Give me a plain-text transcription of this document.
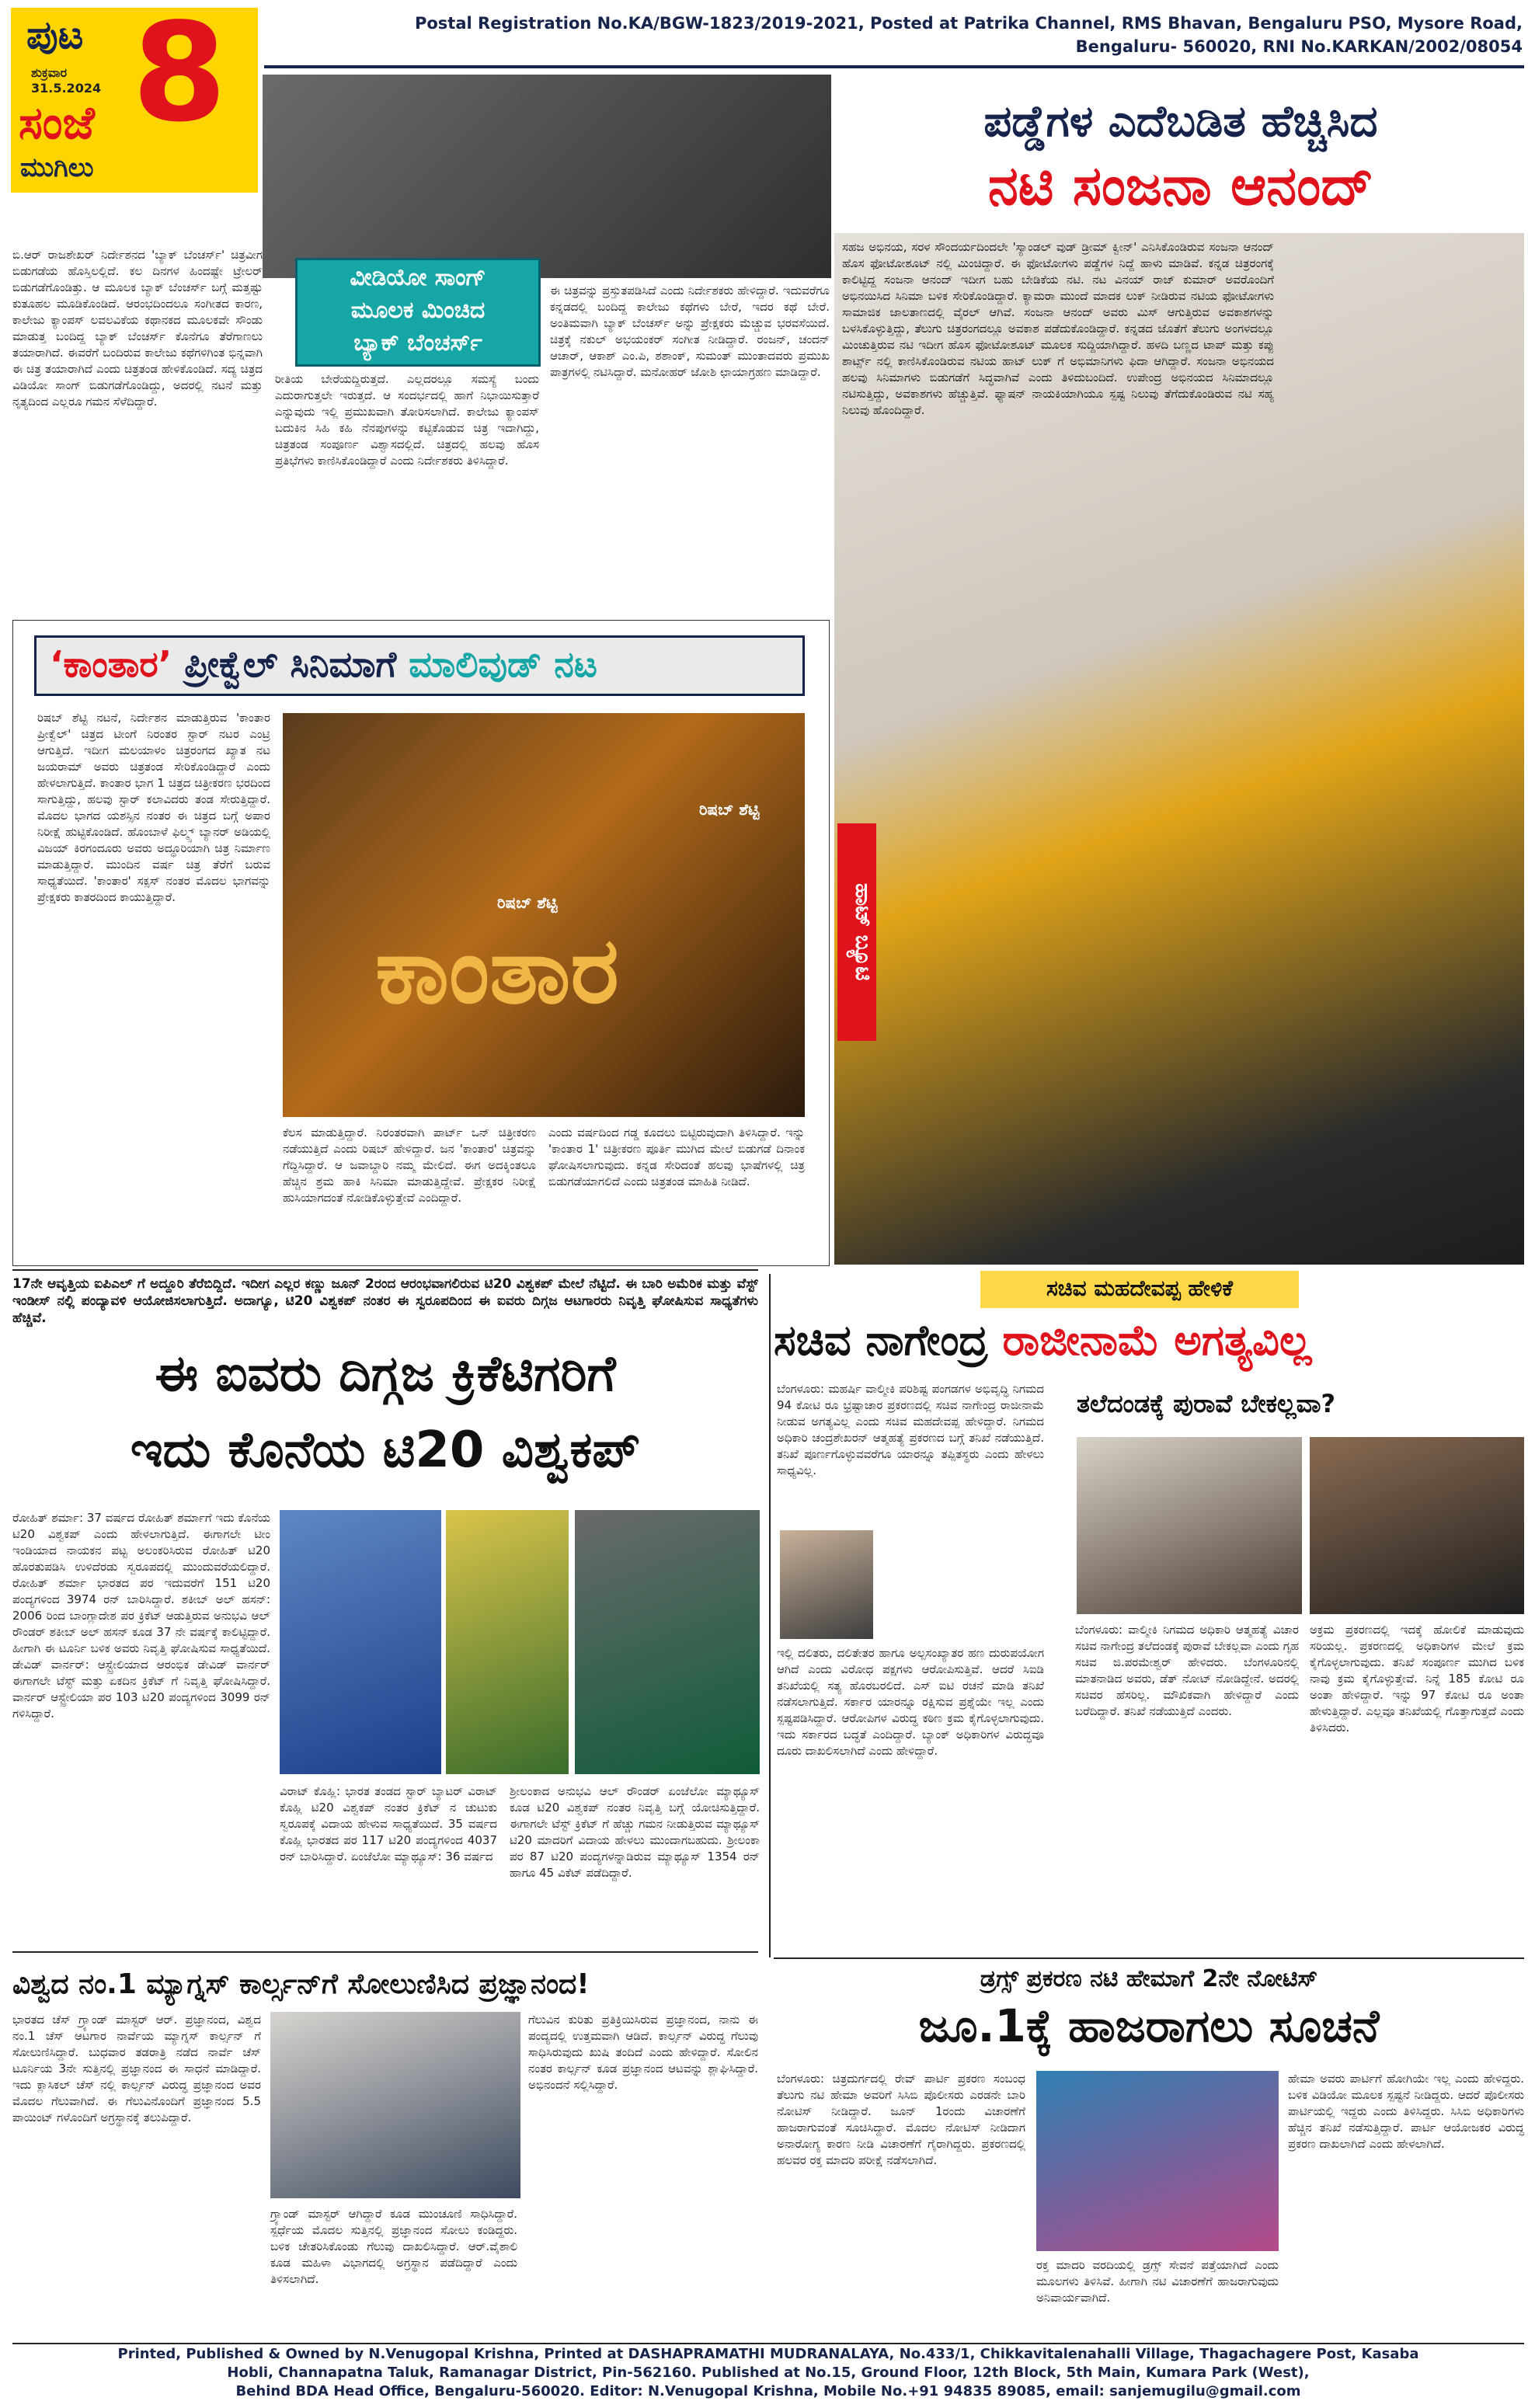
ಪುಟ
ಶುಕ್ರವಾರ
31.5.2024 8
ಸಂಜೆ
ಮುಗಿಲು
Postal Registration No.KA/BGW-1823/2019-2021, Posted at Patrika Channel, RMS Bhavan, Bengaluru PSO, Mysore Road,
Bengaluru- 560020, RNI No.KARKAN/2002/08054
ವೀಡಿಯೋ ಸಾಂಗ್
ಮೂಲಕ ಮಿಂಚಿದ
ಬ್ಯಾಕ್ ಬೆಂಚರ್ಸ್
ಬಿ.ಆರ್ ರಾಜಶೇಖರ್ ನಿರ್ದೇಶನದ 'ಬ್ಯಾಕ್ ಬೆಂಚರ್ಸ್' ಚಿತ್ರವೀಗ ಬಿಡುಗಡೆಯ ಹೊಸ್ತಿಲಲ್ಲಿದೆ. ಕಲ ದಿನಗಳ ಹಿಂದಷ್ಟೇ ಟ್ರೇಲರ್ ಬಿಡುಗಡೆಗೊಂಡಿತ್ತು. ಆ ಮೂಲಕ ಬ್ಯಾಕ್ ಬೆಂಚರ್ಸ್ ಬಗ್ಗೆ ಮತ್ತಷ್ಟು ಕುತೂಹಲ ಮೂಡಿಕೊಂಡಿದೆ. ಆರಂಭದಿಂದಲೂ ಸಂಗೀತದ ಕಾರಣ, ಕಾಲೇಜು ಕ್ಯಾಂಪಸ್ ಲವಲವಿಕೆಯ ಕಥಾನಕದ ಮೂಲಕವೇ ಸೌಂಡು ಮಾಡುತ್ತ ಬಂದಿದ್ದ ಬ್ಯಾಕ್ ಬೆಂಚರ್ಸ್ ಕೊನೆಗೂ ತೆರೆಗಾಣಲು ತಯಾರಾಗಿದೆ. ಈವರೆಗೆ ಬಂದಿರುವ ಕಾಲೇಜು ಕಥೆಗಳಿಗಿಂತ ಭಿನ್ನವಾಗಿ ಈ ಚಿತ್ರ ತಯಾರಾಗಿದೆ ಎಂದು ಚಿತ್ರತಂಡ ಹೇಳಿಕೊಂಡಿದೆ. ಸದ್ಯ ಚಿತ್ರದ ವಿಡಿಯೋ ಸಾಂಗ್ ಬಿಡುಗಡೆಗೊಂಡಿದ್ದು, ಅದರಲ್ಲಿ ನಟನೆ ಮತ್ತು ನೃತ್ಯದಿಂದ ಎಲ್ಲರೂ ಗಮನ ಸೆಳೆದಿದ್ದಾರೆ.
ರೀತಿಯ ಬೇರೆಯದ್ದಿರುತ್ತದೆ. ಎಲ್ಲದರಲ್ಲೂ ಸಮಸ್ಯೆ ಬಂದು ಎದುರಾಗುತ್ತಲೇ ಇರುತ್ತದೆ. ಆ ಸಂದರ್ಭದಲ್ಲಿ ಹಾಗೆ ನಿಭಾಯಿಸುತ್ತಾರೆ ಎನ್ನುವುದು ಇಲ್ಲಿ ಪ್ರಮುಖವಾಗಿ ತೋರಿಸಲಾಗಿದೆ. ಕಾಲೇಜು ಕ್ಯಾಂಪಸ್ ಬದುಕಿನ ಸಿಹಿ ಕಹಿ ನೆನಪುಗಳನ್ನು ಕಟ್ಟಿಕೊಡುವ ಚಿತ್ರ ಇದಾಗಿದ್ದು, ಚಿತ್ರತಂಡ ಸಂಪೂರ್ಣ ವಿಶ್ವಾಸದಲ್ಲಿದೆ. ಚಿತ್ರದಲ್ಲಿ ಹಲವು ಹೊಸ ಪ್ರತಿಭೆಗಳು ಕಾಣಿಸಿಕೊಂಡಿದ್ದಾರೆ ಎಂದು ನಿರ್ದೇಶಕರು ತಿಳಿಸಿದ್ದಾರೆ.
ಈ ಚಿತ್ರವನ್ನು ಪ್ರಸ್ತುತಪಡಿಸಿದೆ ಎಂದು ನಿರ್ದೇಶಕರು ಹೇಳಿದ್ದಾರೆ. ಇದುವರೆಗೂ ಕನ್ನಡದಲ್ಲಿ ಬಂದಿದ್ದ ಕಾಲೇಜು ಕಥೆಗಳು ಬೇರೆ, ಇದರ ಕಥೆ ಬೇರೆ. ಅಂತಿಮವಾಗಿ ಬ್ಯಾಕ್ ಬೆಂಚರ್ಸ್ ಅನ್ನು ಪ್ರೇಕ್ಷಕರು ಮೆಚ್ಚುವ ಭರವಸೆಯಿದೆ. ಚಿತ್ರಕ್ಕೆ ನಕುಲ್ ಅಭಯಂಕರ್ ಸಂಗೀತ ನೀಡಿದ್ದಾರೆ. ರಂಜನ್, ಚಂದನ್ ಆಚಾರ್, ಆಕಾಶ್ ಎಂ.ಪಿ, ಶಶಾಂಕ್, ಸುಮಂತ್ ಮುಂತಾದವರು ಪ್ರಮುಖ ಪಾತ್ರಗಳಲ್ಲಿ ನಟಿಸಿದ್ದಾರೆ. ಮನೋಹರ್ ಜೋಶಿ ಛಾಯಾಗ್ರಹಣ ಮಾಡಿದ್ದಾರೆ.
ಪಡ್ಡೆಗಳ ಎದೆಬಡಿತ ಹೆಚ್ಚಿಸಿದ
ನಟಿ ಸಂಜನಾ ಆನಂದ್
ಸಹಜ ಅಭಿನಯ, ಸರಳ ಸೌಂದರ್ಯದಿಂದಲೇ 'ಸ್ಯಾಂಡಲ್ ವುಡ್ ಡ್ರೀಮ್ ಕ್ವೀನ್' ಎನಿಸಿಕೊಂಡಿರುವ ಸಂಜನಾ ಆನಂದ್ ಹೊಸ ಫೋಟೋಶೂಟ್ ನಲ್ಲಿ ಮಿಂಚಿದ್ದಾರೆ. ಈ ಫೋಟೋಗಳು ಪಡ್ಡೆಗಳ ನಿದ್ದೆ ಹಾಳು ಮಾಡಿವೆ. ಕನ್ನಡ ಚಿತ್ರರಂಗಕ್ಕೆ ಕಾಲಿಟ್ಟಿದ್ದ ಸಂಜನಾ ಆನಂದ್ ಇದೀಗ ಬಹು ಬೇಡಿಕೆಯ ನಟಿ. ನಟ ವಿನಯ್ ರಾಜ್ ಕುಮಾರ್ ಅವರೊಂದಿಗೆ ಅಭಿನಯಿಸಿದ ಸಿನಿಮಾ ಬಳಿಕ ಸೇರಿಕೊಂಡಿದ್ದಾರೆ. ಕ್ಯಾಮರಾ ಮುಂದೆ ಮಾದಕ ಲುಕ್ ನೀಡಿರುವ ನಟಿಯ ಫೋಟೋಗಳು ಸಾಮಾಜಿಕ ಜಾಲತಾಣದಲ್ಲಿ ವೈರಲ್ ಆಗಿವೆ. ಸಂಜನಾ ಆನಂದ್ ಅವರು ಮಿಸ್ ಆಗುತ್ತಿರುವ ಅವಕಾಶಗಳನ್ನು ಬಳಸಿಕೊಳ್ಳುತ್ತಿದ್ದು, ತೆಲುಗು ಚಿತ್ರರಂಗದಲ್ಲೂ ಅವಕಾಶ ಪಡೆದುಕೊಂಡಿದ್ದಾರೆ. ಕನ್ನಡದ ಜೊತೆಗೆ ತೆಲುಗು ಅಂಗಳದಲ್ಲೂ ಮಿಂಚುತ್ತಿರುವ ನಟಿ ಇದೀಗ ಹೊಸ ಫೋಟೋಶೂಟ್ ಮೂಲಕ ಸುದ್ದಿಯಾಗಿದ್ದಾರೆ. ಹಳದಿ ಬಣ್ಣದ ಟಾಪ್ ಮತ್ತು ಕಪ್ಪು ಶಾರ್ಟ್ಸ್ ನಲ್ಲಿ ಕಾಣಿಸಿಕೊಂಡಿರುವ ನಟಿಯ ಹಾಟ್ ಲುಕ್ ಗೆ ಅಭಿಮಾನಿಗಳು ಫಿದಾ ಆಗಿದ್ದಾರೆ. ಸಂಜನಾ ಅಭಿನಯದ ಹಲವು ಸಿನಿಮಾಗಳು ಬಿಡುಗಡೆಗೆ ಸಿದ್ಧವಾಗಿವೆ ಎಂದು ತಿಳಿದುಬಂದಿದೆ. ಉಪೇಂದ್ರ ಅಭಿನಯದ ಸಿನಿಮಾದಲ್ಲೂ ನಟಿಸುತ್ತಿದ್ದು, ಅವಕಾಶಗಳು ಹೆಚ್ಚುತ್ತಿವೆ. ಫ್ಯಾಷನ್ ನಾಯಕಿಯಾಗಿಯೂ ಸ್ಪಷ್ಟ ನಿಲುವು ತೆಗೆದುಕೊಂಡಿರುವ ನಟಿ ಸಹ್ಯ ನಿಲುವು ಹೊಂದಿದ್ದಾರೆ.
ಹಾಟ್ ಬ್ಯೂಟಿ
‘ಕಾಂತಾರ’ ಪ್ರೀಕ್ವೆಲ್ ಸಿನಿಮಾಗೆ ಮಾಲಿವುಡ್ ನಟ
ಕಾಂತಾರ
ರಿಷಬ್ ಶೆಟ್ಟಿ
ರಿಷಬ್ ಶೆಟ್ಟಿ
ರಿಷಬ್ ಶೆಟ್ಟಿ ನಟನೆ, ನಿರ್ದೇಶನ ಮಾಡುತ್ತಿರುವ 'ಕಾಂತಾರ ಪ್ರೀಕ್ವೆಲ್' ಚಿತ್ರದ ಟೀಂಗೆ ನಿರಂತರ ಸ್ಟಾರ್ ನಟರ ಎಂಟ್ರಿ ಆಗುತ್ತಿದೆ. ಇದೀಗ ಮಲಯಾಳಂ ಚಿತ್ರರಂಗದ ಖ್ಯಾತ ನಟ ಜಯರಾಮ್ ಅವರು ಚಿತ್ರತಂಡ ಸೇರಿಕೊಂಡಿದ್ದಾರೆ ಎಂದು ಹೇಳಲಾಗುತ್ತಿದೆ. ಕಾಂತಾರ ಭಾಗ 1 ಚಿತ್ರದ ಚಿತ್ರೀಕರಣ ಭರದಿಂದ ಸಾಗುತ್ತಿದ್ದು, ಹಲವು ಸ್ಟಾರ್ ಕಲಾವಿದರು ತಂಡ ಸೇರುತ್ತಿದ್ದಾರೆ. ಮೊದಲ ಭಾಗದ ಯಶಸ್ಸಿನ ನಂತರ ಈ ಚಿತ್ರದ ಬಗ್ಗೆ ಅಪಾರ ನಿರೀಕ್ಷೆ ಹುಟ್ಟಿಕೊಂಡಿದೆ. ಹೊಂಬಾಳೆ ಫಿಲ್ಮ್ಸ್ ಬ್ಯಾನರ್ ಅಡಿಯಲ್ಲಿ ವಿಜಯ್ ಕಿರಗಂದೂರು ಅವರು ಅದ್ಧೂರಿಯಾಗಿ ಚಿತ್ರ ನಿರ್ಮಾಣ ಮಾಡುತ್ತಿದ್ದಾರೆ. ಮುಂದಿನ ವರ್ಷ ಚಿತ್ರ ತೆರೆಗೆ ಬರುವ ಸಾಧ್ಯತೆಯಿದೆ. 'ಕಾಂತಾರ' ಸಕ್ಸಸ್ ನಂತರ ಮೊದಲ ಭಾಗವನ್ನು ಪ್ರೇಕ್ಷಕರು ಕಾತರದಿಂದ ಕಾಯುತ್ತಿದ್ದಾರೆ.
ಕೆಲಸ ಮಾಡುತ್ತಿದ್ದಾರೆ. ನಿರಂತರವಾಗಿ ಪಾರ್ಟ್ ಒನ್ ಚಿತ್ರೀಕರಣ ನಡೆಯುತ್ತಿದೆ ಎಂದು ರಿಷಬ್ ಹೇಳಿದ್ದಾರೆ. ಜನ 'ಕಾಂತಾರ' ಚಿತ್ರವನ್ನು ಗೆದ್ದಿಸಿದ್ದಾರೆ. ಆ ಜವಾಬ್ದಾರಿ ನಮ್ಮ ಮೇಲಿದೆ. ಈಗ ಅದಕ್ಕಿಂತಲೂ ಹೆಚ್ಚಿನ ಶ್ರಮ ಹಾಕಿ ಸಿನಿಮಾ ಮಾಡುತ್ತಿದ್ದೇವೆ. ಪ್ರೇಕ್ಷಕರ ನಿರೀಕ್ಷೆ ಹುಸಿಯಾಗದಂತೆ ನೋಡಿಕೊಳ್ಳುತ್ತೇವೆ ಎಂದಿದ್ದಾರೆ.
ಎಂದು ವರ್ಷದಿಂದ ಗಡ್ಡ ಕೂದಲು ಬಿಟ್ಟಿರುವುದಾಗಿ ತಿಳಿಸಿದ್ದಾರೆ. ಇನ್ನು 'ಕಾಂತಾರ 1' ಚಿತ್ರೀಕರಣ ಪೂರ್ತಿ ಮುಗಿದ ಮೇಲೆ ಬಿಡುಗಡೆ ದಿನಾಂಕ ಘೋಷಿಸಲಾಗುವುದು. ಕನ್ನಡ ಸೇರಿದಂತೆ ಹಲವು ಭಾಷೆಗಳಲ್ಲಿ ಚಿತ್ರ ಬಿಡುಗಡೆಯಾಗಲಿದೆ ಎಂದು ಚಿತ್ರತಂಡ ಮಾಹಿತಿ ನೀಡಿದೆ.
17ನೇ ಆವೃತ್ತಿಯ ಐಪಿಎಲ್ ಗೆ ಅದ್ದೂರಿ ತೆರೆಬಿದ್ದಿದೆ. ಇದೀಗ ಎಲ್ಲರ ಕಣ್ಣು ಜೂನ್ 2ರಂದ ಆರಂಭವಾಗಲಿರುವ ಟಿ20 ವಿಶ್ವಕಪ್ ಮೇಲೆ ನೆಟ್ಟಿದೆ. ಈ ಬಾರಿ ಅಮೆರಿಕ ಮತ್ತು ವೆಸ್ಟ್ ಇಂಡೀಸ್ ನಲ್ಲಿ ಪಂದ್ಯಾವಳಿ ಆಯೋಜಿಸಲಾಗುತ್ತಿದೆ. ಅದಾಗ್ಯೂ, ಟಿ20 ವಿಶ್ವಕಪ್ ನಂತರ ಈ ಸ್ವರೂಪದಿಂದ ಈ ಐವರು ದಿಗ್ಗಜ ಆಟಗಾರರು ನಿವೃತ್ತಿ ಘೋಷಿಸುವ ಸಾಧ್ಯತೆಗಳು ಹೆಚ್ಚಿವೆ.
ಈ ಐವರು ದಿಗ್ಗಜ ಕ್ರಿಕೆಟಿಗರಿಗೆ
ಇದು ಕೊನೆಯ ಟಿ20 ವಿಶ್ವಕಪ್
ರೋಹಿತ್ ಶರ್ಮಾ: 37 ವರ್ಷದ ರೋಹಿತ್ ಶರ್ಮಾಗೆ ಇದು ಕೊನೆಯ ಟಿ20 ವಿಶ್ವಕಪ್ ಎಂದು ಹೇಳಲಾಗುತ್ತಿದೆ. ಈಗಾಗಲೇ ಟೀಂ ಇಂಡಿಯಾದ ನಾಯಕನ ಪಟ್ಟ ಅಲಂಕರಿಸಿರುವ ರೋಹಿತ್ ಟಿ20 ಹೊರತುಪಡಿಸಿ ಉಳಿದೆರಡು ಸ್ವರೂಪದಲ್ಲಿ ಮುಂದುವರೆಯಲಿದ್ದಾರೆ. ರೋಹಿತ್ ಶರ್ಮಾ ಭಾರತದ ಪರ ಇದುವರೆಗೆ 151 ಟಿ20 ಪಂದ್ಯಗಳಿಂದ 3974 ರನ್ ಬಾರಿಸಿದ್ದಾರೆ. ಶಕೀಬ್ ಅಲ್ ಹಸನ್: 2006 ರಿಂದ ಬಾಂಗ್ಲಾದೇಶ ಪರ ಕ್ರಿಕೆಟ್ ಆಡುತ್ತಿರುವ ಅನುಭವಿ ಆಲ್ ರೌಂಡರ್ ಶಕೀಬ್ ಅಲ್ ಹಸನ್ ಕೂಡ 37 ನೇ ವರ್ಷಕ್ಕೆ ಕಾಲಿಟ್ಟಿದ್ದಾರೆ. ಹೀಗಾಗಿ ಈ ಟೂರ್ನಿ ಬಳಿಕ ಅವರು ನಿವೃತ್ತಿ ಘೋಷಿಸುವ ಸಾಧ್ಯತೆಯಿದೆ. ಡೇವಿಡ್ ವಾರ್ನರ್: ಆಸ್ಟ್ರೇಲಿಯಾದ ಆರಂಭಿಕ ಡೇವಿಡ್ ವಾರ್ನರ್ ಈಗಾಗಲೇ ಟೆಸ್ಟ್ ಮತ್ತು ಏಕದಿನ ಕ್ರಿಕೆಟ್ ಗೆ ನಿವೃತ್ತಿ ಘೋಷಿಸಿದ್ದಾರೆ. ವಾರ್ನರ್ ಆಸ್ಟ್ರೇಲಿಯಾ ಪರ 103 ಟಿ20 ಪಂದ್ಯಗಳಿಂದ 3099 ರನ್ ಗಳಿಸಿದ್ದಾರೆ.
ವಿರಾಟ್ ಕೊಹ್ಲಿ: ಭಾರತ ತಂಡದ ಸ್ಟಾರ್ ಬ್ಯಾಟರ್ ವಿರಾಟ್ ಕೊಹ್ಲಿ ಟಿ20 ವಿಶ್ವಕಪ್ ನಂತರ ಕ್ರಿಕೆಟ್ ನ ಚುಟುಕು ಸ್ವರೂಪಕ್ಕೆ ವಿದಾಯ ಹೇಳುವ ಸಾಧ್ಯತೆಯಿದೆ. 35 ವರ್ಷದ ಕೊಹ್ಲಿ ಭಾರತದ ಪರ 117 ಟಿ20 ಪಂದ್ಯಗಳಿಂದ 4037 ರನ್ ಬಾರಿಸಿದ್ದಾರೆ. ಏಂಜೆಲೋ ಮ್ಯಾಥ್ಯೂಸ್: 36 ವರ್ಷದ
ಶ್ರೀಲಂಕಾದ ಅನುಭವಿ ಆಲ್ ರೌಂಡರ್ ಏಂಜೆಲೋ ಮ್ಯಾಥ್ಯೂಸ್ ಕೂಡ ಟಿ20 ವಿಶ್ವಕಪ್ ನಂತರ ನಿವೃತ್ತಿ ಬಗ್ಗೆ ಯೋಚಿಸುತ್ತಿದ್ದಾರೆ. ಈಗಾಗಲೇ ಟೆಸ್ಟ್ ಕ್ರಿಕೆಟ್ ಗೆ ಹೆಚ್ಚು ಗಮನ ನೀಡುತ್ತಿರುವ ಮ್ಯಾಥ್ಯೂಸ್ ಟಿ20 ಮಾದರಿಗೆ ವಿದಾಯ ಹೇಳಲು ಮುಂದಾಗಬಹುದು. ಶ್ರೀಲಂಕಾ ಪರ 87 ಟಿ20 ಪಂದ್ಯಗಳನ್ನಾಡಿರುವ ಮ್ಯಾಥ್ಯೂಸ್ 1354 ರನ್ ಹಾಗೂ 45 ವಿಕೆಟ್ ಪಡೆದಿದ್ದಾರೆ.
ಸಚಿವ ಮಹದೇವಪ್ಪ ಹೇಳಿಕೆ
ಸಚಿವ ನಾಗೇಂದ್ರ ರಾಜೀನಾಮೆ ಅಗತ್ಯವಿಲ್ಲ
ಬೆಂಗಳೂರು: ಮಹರ್ಷಿ ವಾಲ್ಮೀಕಿ ಪರಿಶಿಷ್ಟ ಪಂಗಡಗಳ ಅಭಿವೃದ್ಧಿ ನಿಗಮದ 94 ಕೋಟಿ ರೂ ಭ್ರಷ್ಟಾಚಾರ ಪ್ರಕರಣದಲ್ಲಿ ಸಚಿವ ನಾಗೇಂದ್ರ ರಾಜೀನಾಮೆ ನೀಡುವ ಅಗತ್ಯವಿಲ್ಲ ಎಂದು ಸಚಿವ ಮಹದೇವಪ್ಪ ಹೇಳಿದ್ದಾರೆ. ನಿಗಮದ ಅಧಿಕಾರಿ ಚಂದ್ರಶೇಖರನ್ ಆತ್ಮಹತ್ಯೆ ಪ್ರಕರಣದ ಬಗ್ಗೆ ತನಿಖೆ ನಡೆಯುತ್ತಿದೆ. ತನಿಖೆ ಪೂರ್ಣಗೊಳ್ಳುವವರೆಗೂ ಯಾರನ್ನೂ ತಪ್ಪಿತಸ್ಥರು ಎಂದು ಹೇಳಲು ಸಾಧ್ಯವಿಲ್ಲ.
ಇಲ್ಲಿ ದಲಿತರು, ದಲಿತೇತರ ಹಾಗೂ ಅಲ್ಪಸಂಖ್ಯಾತರ ಹಣ ದುರುಪಯೋಗ ಆಗಿದೆ ಎಂದು ವಿರೋಧ ಪಕ್ಷಗಳು ಆರೋಪಿಸುತ್ತಿವೆ. ಆದರೆ ಸಿಐಡಿ ತನಿಖೆಯಲ್ಲಿ ಸತ್ಯ ಹೊರಬರಲಿದೆ. ಎಸ್ ಐಟಿ ರಚನೆ ಮಾಡಿ ತನಿಖೆ ನಡೆಸಲಾಗುತ್ತಿದೆ. ಸರ್ಕಾರ ಯಾರನ್ನೂ ರಕ್ಷಿಸುವ ಪ್ರಶ್ನೆಯೇ ಇಲ್ಲ ಎಂದು ಸ್ಪಷ್ಟಪಡಿಸಿದ್ದಾರೆ. ಆರೋಪಿಗಳ ವಿರುದ್ಧ ಕಠಿಣ ಕ್ರಮ ಕೈಗೊಳ್ಳಲಾಗುವುದು. ಇದು ಸರ್ಕಾರದ ಬದ್ಧತೆ ಎಂದಿದ್ದಾರೆ. ಬ್ಯಾಂಕ್ ಅಧಿಕಾರಿಗಳ ವಿರುದ್ಧವೂ ದೂರು ದಾಖಲಿಸಲಾಗಿದೆ ಎಂದು ಹೇಳಿದ್ದಾರೆ.
ತಲೆದಂಡಕ್ಕೆ ಪುರಾವೆ ಬೇಕಲ್ಲವಾ?
ಬೆಂಗಳೂರು: ವಾಲ್ಮೀಕಿ ನಿಗಮದ ಅಧಿಕಾರಿ ಆತ್ಮಹತ್ಯೆ ವಿಚಾರ ಸಚಿವ ನಾಗೇಂದ್ರ ತಲೆದಂಡಕ್ಕೆ ಪುರಾವೆ ಬೇಕಲ್ಲವಾ ಎಂದು ಗೃಹ ಸಚಿವ ಜಿ.ಪರಮೇಶ್ವರ್ ಹೇಳಿದರು. ಬೆಂಗಳೂರಿನಲ್ಲಿ ಮಾತನಾಡಿದ ಅವರು, ಡೆತ್ ನೋಟ್ ನೋಡಿದ್ದೇನೆ. ಅದರಲ್ಲಿ ಸಚಿವರ ಹೆಸರಿಲ್ಲ. ಮೌಖಿಕವಾಗಿ ಹೇಳಿದ್ದಾರೆ ಎಂದು ಬರೆದಿದ್ದಾರೆ. ತನಿಖೆ ನಡೆಯುತ್ತಿದೆ ಎಂದರು.
ಅಕ್ರಮ ಪ್ರಕರಣದಲ್ಲಿ ಇದಕ್ಕೆ ಹೋಲಿಕೆ ಮಾಡುವುದು ಸರಿಯಲ್ಲ. ಪ್ರಕರಣದಲ್ಲಿ ಅಧಿಕಾರಿಗಳ ಮೇಲೆ ಕ್ರಮ ಕೈಗೊಳ್ಳಲಾಗುವುದು. ತನಿಖೆ ಸಂಪೂರ್ಣ ಮುಗಿದ ಬಳಿಕ ನಾವು ಕ್ರಮ ಕೈಗೊಳ್ಳುತ್ತೇವೆ. ನಿನ್ನೆ 185 ಕೋಟಿ ರೂ ಅಂತಾ ಹೇಳಿದ್ದಾರೆ. ಇನ್ನು 97 ಕೋಟಿ ರೂ ಅಂತಾ ಹೇಳುತ್ತಿದ್ದಾರೆ. ಎಲ್ಲವೂ ತನಿಖೆಯಲ್ಲಿ ಗೊತ್ತಾಗುತ್ತದೆ ಎಂದು ತಿಳಿಸಿದರು.
ವಿಶ್ವದ ನಂ.1 ಮ್ಯಾಗ್ನಸ್ ಕಾರ್ಲ್ಸನ್‌ಗೆ ಸೋಲುಣಿಸಿದ ಪ್ರಜ್ಞಾನಂದ!
ಭಾರತದ ಚೆಸ್ ಗ್ರ್ಯಾಂಡ್ ಮಾಸ್ಟರ್ ಆರ್. ಪ್ರಜ್ಞಾನಂದ, ವಿಶ್ವದ ನಂ.1 ಚೆಸ್ ಆಟಗಾರ ನಾರ್ವೆಯ ಮ್ಯಾಗ್ನಸ್ ಕಾರ್ಲ್ಸನ್ ಗೆ ಸೋಲುಣಿಸಿದ್ದಾರೆ. ಬುಧವಾರ ತಡರಾತ್ರಿ ನಡೆದ ನಾರ್ವೆ ಚೆಸ್ ಟೂರ್ನಿಯ 3ನೇ ಸುತ್ತಿನಲ್ಲಿ ಪ್ರಜ್ಞಾನಂದ ಈ ಸಾಧನೆ ಮಾಡಿದ್ದಾರೆ. ಇದು ಕ್ಲಾಸಿಕಲ್ ಚೆಸ್ ನಲ್ಲಿ ಕಾರ್ಲ್ಸನ್ ವಿರುದ್ಧ ಪ್ರಜ್ಞಾನಂದ ಅವರ ಮೊದಲ ಗೆಲುವಾಗಿದೆ. ಈ ಗೆಲುವಿನೊಂದಿಗೆ ಪ್ರಜ್ಞಾನಂದ 5.5 ಪಾಯಿಂಟ್ ಗಳೊಂದಿಗೆ ಅಗ್ರಸ್ಥಾನಕ್ಕೆ ತಲುಪಿದ್ದಾರೆ.
ಗ್ರ್ಯಾಂಡ್ ಮಾಸ್ಟರ್ ಆಗಿದ್ದಾರೆ ಕೂಡ ಮುಂಚೂಣಿ ಸಾಧಿಸಿದ್ದಾರೆ. ಸ್ಪರ್ಧೆಯ ಮೊದಲ ಸುತ್ತಿನಲ್ಲಿ ಪ್ರಜ್ಞಾನಂದ ಸೋಲು ಕಂಡಿದ್ದರು. ಬಳಿಕ ಚೇತರಿಸಿಕೊಂಡು ಗೆಲುವು ದಾಖಲಿಸಿದ್ದಾರೆ. ಆರ್.ವೈಶಾಲಿ ಕೂಡ ಮಹಿಳಾ ವಿಭಾಗದಲ್ಲಿ ಅಗ್ರಸ್ಥಾನ ಪಡೆದಿದ್ದಾರೆ ಎಂದು ತಿಳಿಸಲಾಗಿದೆ.
ಗೆಲುವಿನ ಕುರಿತು ಪ್ರತಿಕ್ರಿಯಿಸಿರುವ ಪ್ರಜ್ಞಾನಂದ, ನಾನು ಈ ಪಂದ್ಯದಲ್ಲಿ ಉತ್ತಮವಾಗಿ ಆಡಿದೆ. ಕಾರ್ಲ್ಸನ್ ವಿರುದ್ಧ ಗೆಲುವು ಸಾಧಿಸಿರುವುದು ಖುಷಿ ತಂದಿದೆ ಎಂದು ಹೇಳಿದ್ದಾರೆ. ಸೋಲಿನ ನಂತರ ಕಾರ್ಲ್ಸನ್ ಕೂಡ ಪ್ರಜ್ಞಾನಂದ ಆಟವನ್ನು ಶ್ಲಾಘಿಸಿದ್ದಾರೆ. ಅಭಿನಂದನೆ ಸಲ್ಲಿಸಿದ್ದಾರೆ.
ಡ್ರಗ್ಸ್ ಪ್ರಕರಣ ನಟಿ ಹೇಮಾಗೆ 2ನೇ ನೋಟಿಸ್
ಜೂ.1ಕ್ಕೆ ಹಾಜರಾಗಲು ಸೂಚನೆ
ಬೆಂಗಳೂರು: ಚಿತ್ರದುರ್ಗದಲ್ಲಿ ರೇವ್ ಪಾರ್ಟಿ ಪ್ರಕರಣ ಸಂಬಂಧ ತೆಲುಗು ನಟಿ ಹೇಮಾ ಅವರಿಗೆ ಸಿಸಿಬಿ ಪೊಲೀಸರು ಎರಡನೇ ಬಾರಿ ನೋಟಿಸ್ ನೀಡಿದ್ದಾರೆ. ಜೂನ್ 1ರಂದು ವಿಚಾರಣೆಗೆ ಹಾಜರಾಗುವಂತೆ ಸೂಚಿಸಿದ್ದಾರೆ. ಮೊದಲ ನೋಟಿಸ್ ನೀಡಿದಾಗ ಅನಾರೋಗ್ಯ ಕಾರಣ ನೀಡಿ ವಿಚಾರಣೆಗೆ ಗೈರಾಗಿದ್ದರು. ಪ್ರಕರಣದಲ್ಲಿ ಹಲವರ ರಕ್ತ ಮಾದರಿ ಪರೀಕ್ಷೆ ನಡೆಸಲಾಗಿದೆ.
ರಕ್ತ ಮಾದರಿ ವರದಿಯಲ್ಲಿ ಡ್ರಗ್ಸ್ ಸೇವನೆ ಪತ್ತೆಯಾಗಿದೆ ಎಂದು ಮೂಲಗಳು ತಿಳಿಸಿವೆ. ಹೀಗಾಗಿ ನಟಿ ವಿಚಾರಣೆಗೆ ಹಾಜರಾಗುವುದು ಅನಿವಾರ್ಯವಾಗಿದೆ.
ಹೇಮಾ ಅವರು ಪಾರ್ಟಿಗೆ ಹೋಗಿಯೇ ಇಲ್ಲ ಎಂದು ಹೇಳಿದ್ದರು. ಬಳಿಕ ವಿಡಿಯೋ ಮೂಲಕ ಸ್ಪಷ್ಟನೆ ನೀಡಿದ್ದರು. ಆದರೆ ಪೊಲೀಸರು ಪಾರ್ಟಿಯಲ್ಲಿ ಇದ್ದರು ಎಂದು ತಿಳಿಸಿದ್ದರು. ಸಿಸಿಬಿ ಅಧಿಕಾರಿಗಳು ಹೆಚ್ಚಿನ ತನಿಖೆ ನಡೆಸುತ್ತಿದ್ದಾರೆ. ಪಾರ್ಟಿ ಆಯೋಜಕರ ವಿರುದ್ಧ ಪ್ರಕರಣ ದಾಖಲಾಗಿದೆ ಎಂದು ಹೇಳಲಾಗಿದೆ.
Printed, Published & Owned by N.Venugopal Krishna, Printed at DASHAPRAMATHI MUDRANALAYA, No.433/1, Chikkavitalenahalli Village, Thagachagere Post, Kasaba
Hobli, Channapatna Taluk, Ramanagar District, Pin-562160. Published at No.15, Ground Floor, 12th Block, 5th Main, Kumara Park (West),
Behind BDA Head Office, Bengaluru-560020. Editor: N.Venugopal Krishna, Mobile No.+91 94835 89085, email: sanjemugilu@gmail.com
